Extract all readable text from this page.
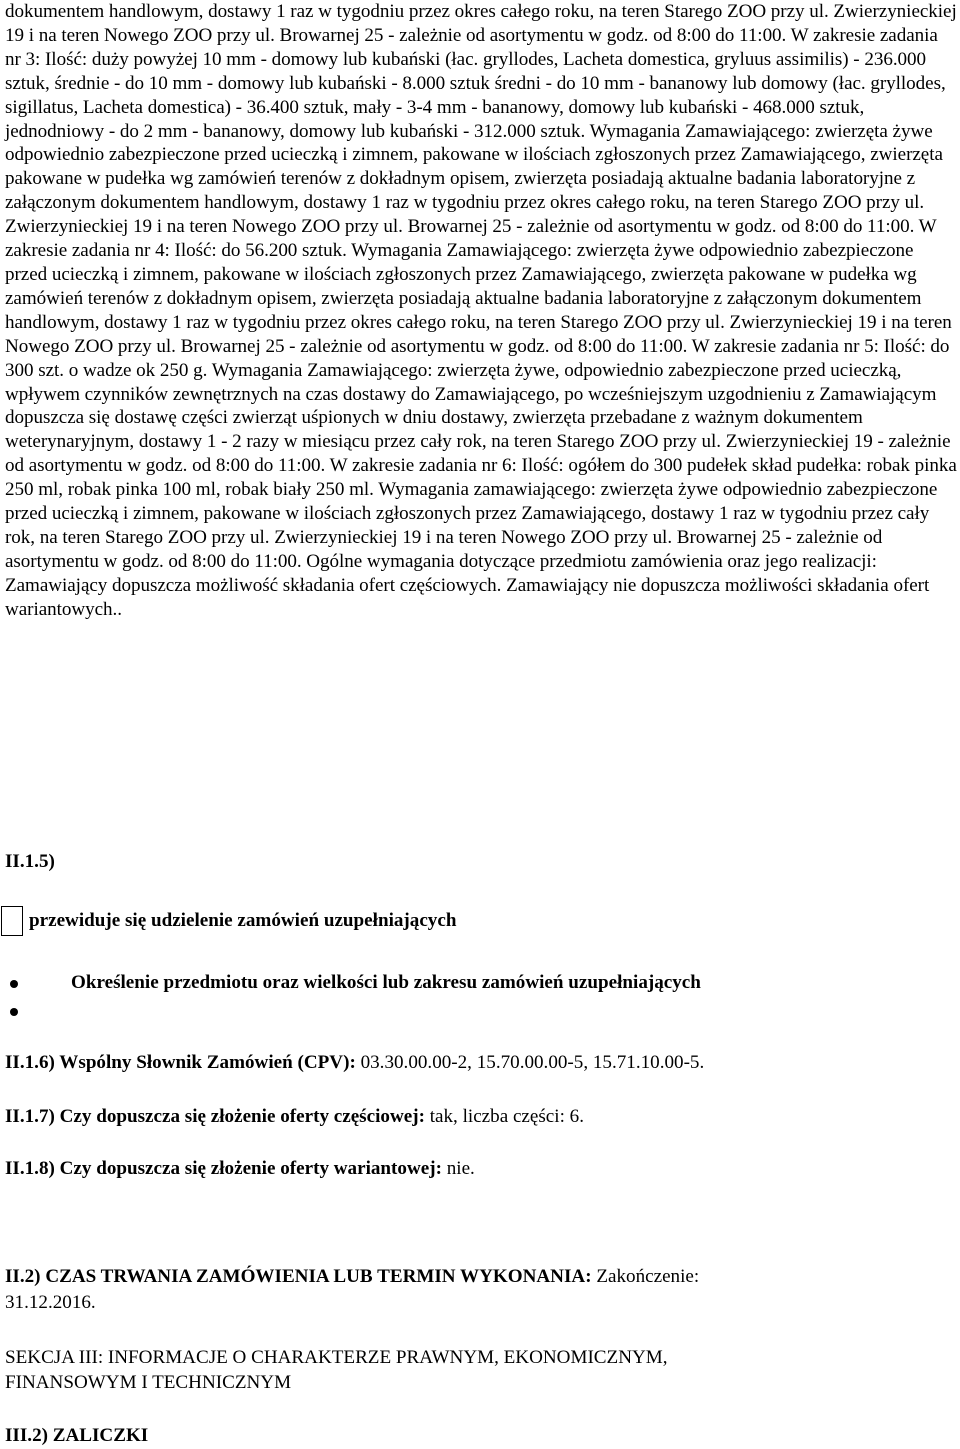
dokumentem handlowym, dostawy 1 raz w tygodniu przez okres całego roku, na teren Starego ZOO przy ul. Zwierzynieckiej 19 i na teren Nowego ZOO przy ul. Browarnej 25 - zależnie od asortymentu w godz. od 8:00 do 11:00. W zakresie zadania nr 3: Ilość: duży powyżej 10 mm - domowy lub kubański (łac. gryllodes, Lacheta domestica, gryluus assimilis) - 236.000 sztuk, średnie - do 10 mm - domowy lub kubański - 8.000 sztuk średni - do 10 mm - bananowy lub domowy (łac. gryllodes, sigillatus, Lacheta domestica) - 36.400 sztuk, mały - 3-4 mm - bananowy, domowy lub kubański - 468.000 sztuk, jednodniowy - do 2 mm - bananowy, domowy lub kubański - 312.000 sztuk. Wymagania Zamawiającego: zwierzęta żywe odpowiednio zabezpieczone przed ucieczką i zimnem, pakowane w ilościach zgłoszonych przez Zamawiającego, zwierzęta pakowane w pudełka wg zamówień terenów z dokładnym opisem, zwierzęta posiadają aktualne badania laboratoryjne z załączonym dokumentem handlowym, dostawy 1 raz w tygodniu przez okres całego roku, na teren Starego ZOO przy ul. Zwierzynieckiej 19 i na teren Nowego ZOO przy ul. Browarnej 25 - zależnie od asortymentu w godz. od 8:00 do 11:00. W zakresie zadania nr 4: Ilość: do 56.200 sztuk. Wymagania Zamawiającego: zwierzęta żywe odpowiednio zabezpieczone przed ucieczką i zimnem, pakowane w ilościach zgłoszonych przez Zamawiającego, zwierzęta pakowane w pudełka wg zamówień terenów z dokładnym opisem, zwierzęta posiadają aktualne badania laboratoryjne z załączonym dokumentem handlowym, dostawy 1 raz w tygodniu przez okres całego roku, na teren Starego ZOO przy ul. Zwierzynieckiej 19 i na teren Nowego ZOO przy ul. Browarnej 25 - zależnie od asortymentu w godz. od 8:00 do 11:00. W zakresie zadania nr 5: Ilość: do 300 szt. o wadze ok 250 g. Wymagania Zamawiającego: zwierzęta żywe, odpowiednio zabezpieczone przed ucieczką, wpływem czynników zewnętrznych na czas dostawy do Zamawiającego, po wcześniejszym uzgodnieniu z Zamawiającym dopuszcza się dostawę części zwierząt uśpionych w dniu dostawy, zwierzęta przebadane z ważnym dokumentem weterynaryjnym, dostawy 1 - 2 razy w miesiącu przez cały rok, na teren Starego ZOO przy ul. Zwierzynieckiej 19 - zależnie od asortymentu w godz. od 8:00 do 11:00. W zakresie zadania nr 6: Ilość: ogółem do 300 pudełek skład pudełka: robak pinka 250 ml, robak pinka 100 ml, robak biały 250 ml. Wymagania zamawiającego: zwierzęta żywe odpowiednio zabezpieczone przed ucieczką i zimnem, pakowane w ilościach zgłoszonych przez Zamawiającego, dostawy 1 raz w tygodniu przez cały rok, na teren Starego ZOO przy ul. Zwierzynieckiej 19 i na teren Nowego ZOO przy ul. Browarnej 25 - zależnie od asortymentu w godz. od 8:00 do 11:00. Ogólne wymagania dotyczące przedmiotu zamówienia oraz jego realizacji: Zamawiający dopuszcza możliwość składania ofert częściowych. Zamawiający nie dopuszcza możliwości składania ofert wariantowych..

II.1.5)
przewiduje się udzielenie zamówień uzupełniających
Określenie przedmiotu oraz wielkości lub zakresu zamówień uzupełniających
II.1.6) Wspólny Słownik Zamówień (CPV): 03.30.00.00-2, 15.70.00.00-5, 15.71.10.00-5.
II.1.7) Czy dopuszcza się złożenie oferty częściowej: tak, liczba części: 6.
II.1.8) Czy dopuszcza się złożenie oferty wariantowej: nie.
II.2) CZAS TRWANIA ZAMÓWIENIA LUB TERMIN WYKONANIA: Zakończenie:
31.12.2016.
SEKCJA III: INFORMACJE O CHARAKTERZE PRAWNYM, EKONOMICZNYM,
FINANSOWYM I TECHNICZNYM
III.2) ZALICZKI
